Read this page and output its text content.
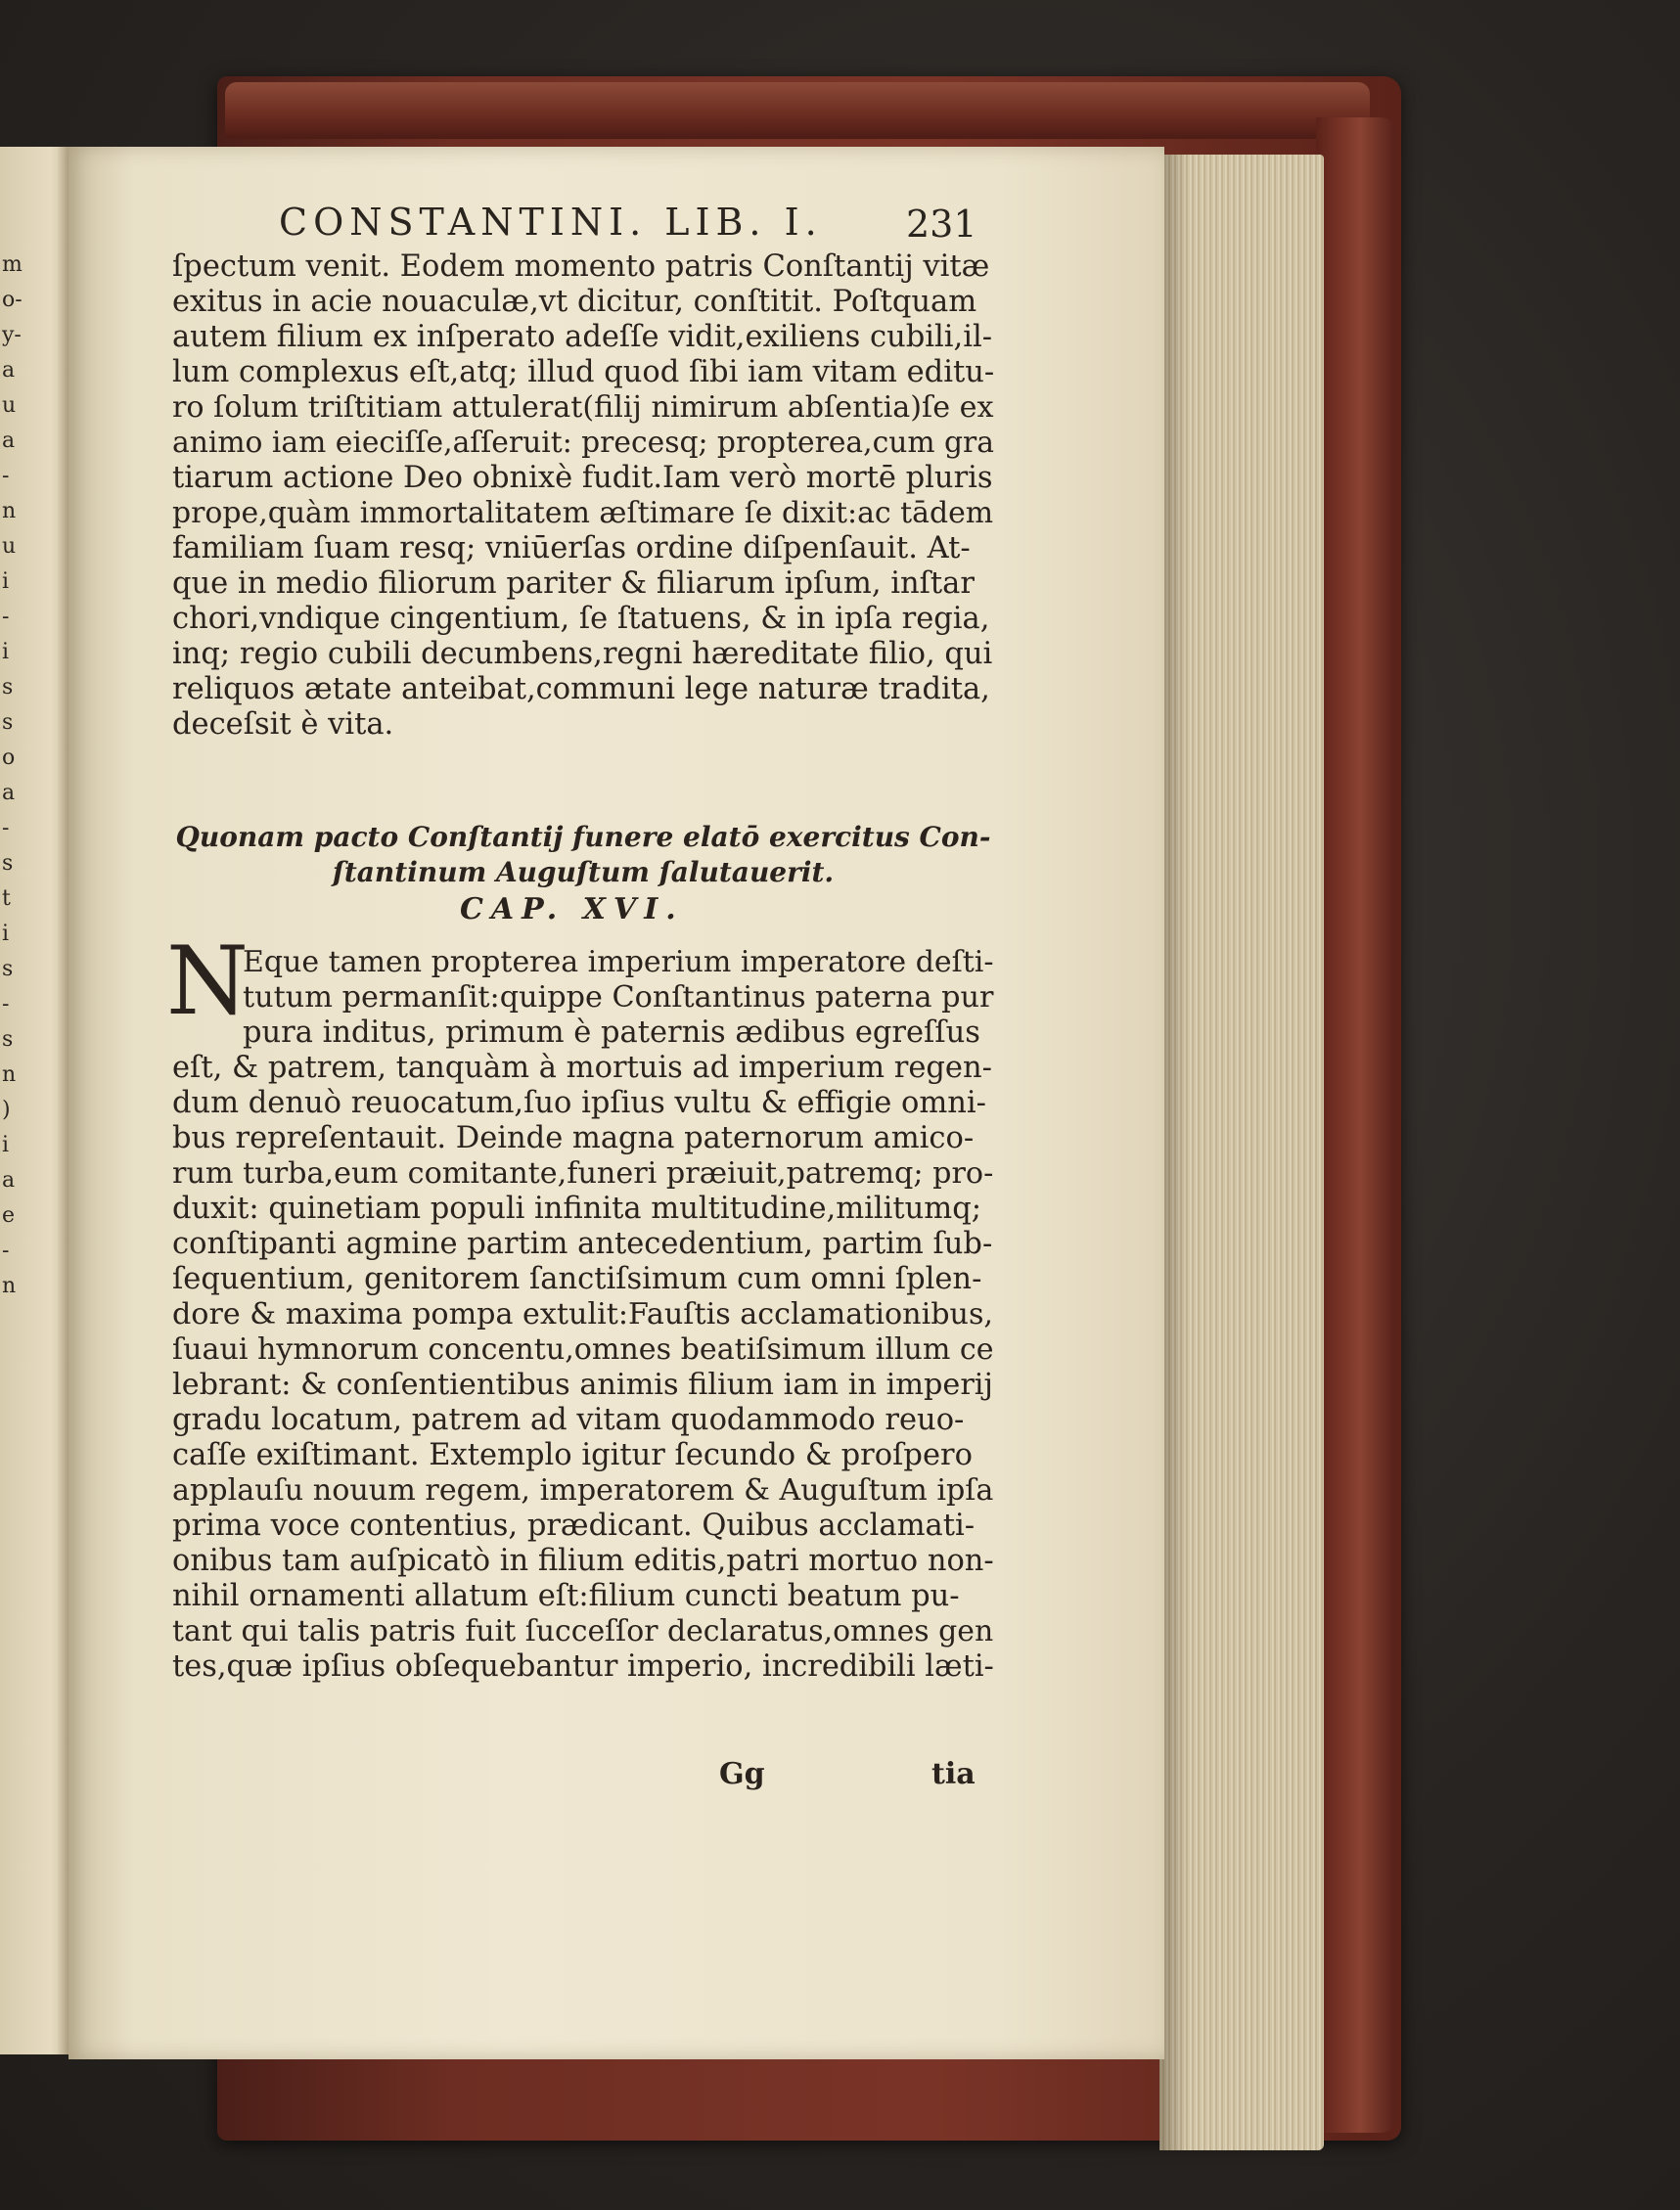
m
o-
y-
a
u
a
-
n
u
i
-
i
s
s
o
a
-
s
t
i
s
-
s
n
)
i
a
e
-
n
CONSTANTINI. LIB. I.	231
ſpectum venit. Eodem momento patris Conſtantij vitæ
exitus in acie nouaculæ,vt dicitur, conſtitit. Poſtquam
autem filium ex inſperato adeſſe vidit,exiliens cubili,il-
lum complexus eſt,atq; illud quod ſibi iam vitam editu-
ro ſolum triſtitiam attulerat(filij nimirum abſentia)ſe ex
animo iam eieciſſe,aſſeruit: precesq; propterea,cum gra
tiarum actione Deo obnixè fudit.Iam verò mortē pluris
prope,quàm immortalitatem æſtimare ſe dixit:ac tādem
familiam ſuam resq; vniūerſas ordine diſpenſauit. At-
que in medio filiorum pariter & filiarum ipſum, inſtar
chori,vndique cingentium, ſe ſtatuens, & in ipſa regia,
inq; regio cubili decumbens,regni hæreditate filio, qui
reliquos ætate anteibat,communi lege naturæ tradita,
deceſsit è vita.
Quonam pacto Conſtantij funere elatō exercitus Con-
ſtantinum Auguſtum ſalutauerit.
CAP. XVI.
N
Eque tamen propterea imperium imperatore deſti-
tutum permanſit:quippe Conſtantinus paterna pur
pura inditus, primum è paternis ædibus egreſſus
eſt, & patrem, tanquàm à mortuis ad imperium regen-
dum denuò reuocatum,ſuo ipſius vultu & effigie omni-
bus repreſentauit. Deinde magna paternorum amico-
rum turba,eum comitante,funeri præiuit,patremq; pro-
duxit: quinetiam populi infinita multitudine,militumq;
conſtipanti agmine partim antecedentium, partim ſub-
ſequentium, genitorem ſanctiſsimum cum omni ſplen-
dore & maxima pompa extulit:Fauſtis acclamationibus,
ſuaui hymnorum concentu,omnes beatiſsimum illum ce
lebrant: & conſentientibus animis filium iam in imperij
gradu locatum, patrem ad vitam quodammodo reuo-
caſſe exiſtimant. Extemplo igitur ſecundo & proſpero
applauſu nouum regem, imperatorem & Auguſtum ipſa
prima voce contentius, prædicant. Quibus acclamati-
onibus tam auſpicatò in filium editis,patri mortuo non-
nihil ornamenti allatum eſt:filium cuncti beatum pu-
tant qui talis patris fuit ſucceſſor declaratus,omnes gen
tes,quæ ipſius obſequebantur imperio, incredibili læti-
Gg	tia
